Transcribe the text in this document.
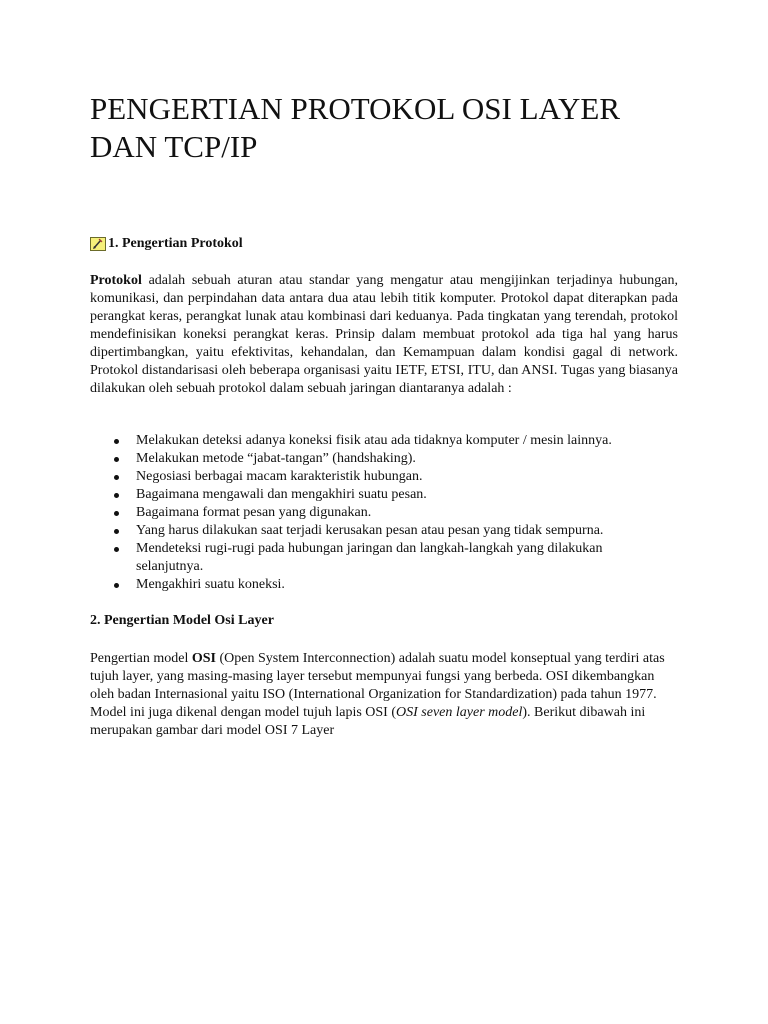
PENGERTIAN PROTOKOL OSI LAYER DAN TCP/IP
1. Pengertian Protokol

Protokol adalah sebuah aturan atau standar yang mengatur atau mengijinkan terjadinya hubungan, komunikasi, dan perpindahan data antara dua atau lebih titik komputer. Protokol dapat diterapkan pada perangkat keras, perangkat lunak atau kombinasi dari keduanya. Pada tingkatan yang terendah, protokol mendefinisikan koneksi perangkat keras. Prinsip dalam membuat protokol ada tiga hal yang harus dipertimbangkan, yaitu efektivitas, kehandalan, dan Kemampuan dalam kondisi gagal di network. Protokol distandarisasi oleh beberapa organisasi yaitu IETF, ETSI, ITU, dan ANSI. Tugas yang biasanya dilakukan oleh sebuah protokol dalam sebuah jaringan diantaranya adalah :

Melakukan deteksi adanya koneksi fisik atau ada tidaknya komputer / mesin lainnya.
Melakukan metode “jabat-tangan” (handshaking).
Negosiasi berbagai macam karakteristik hubungan.
Bagaimana mengawali dan mengakhiri suatu pesan.
Bagaimana format pesan yang digunakan.
Yang harus dilakukan saat terjadi kerusakan pesan atau pesan yang tidak sempurna.
Mendeteksi rugi-rugi pada hubungan jaringan dan langkah-langkah yang dilakukan selanjutnya.
Mengakhiri suatu koneksi.
2. Pengertian Model Osi Layer

Pengertian model OSI (Open System Interconnection) adalah suatu model konseptual yang terdiri atas tujuh layer, yang masing-masing layer tersebut mempunyai fungsi yang berbeda. OSI dikembangkan oleh badan Internasional yaitu ISO (International Organization for Standardization) pada tahun 1977. Model ini juga dikenal dengan model tujuh lapis OSI (OSI seven layer model). Berikut dibawah ini merupakan gambar dari model OSI 7 Layer
